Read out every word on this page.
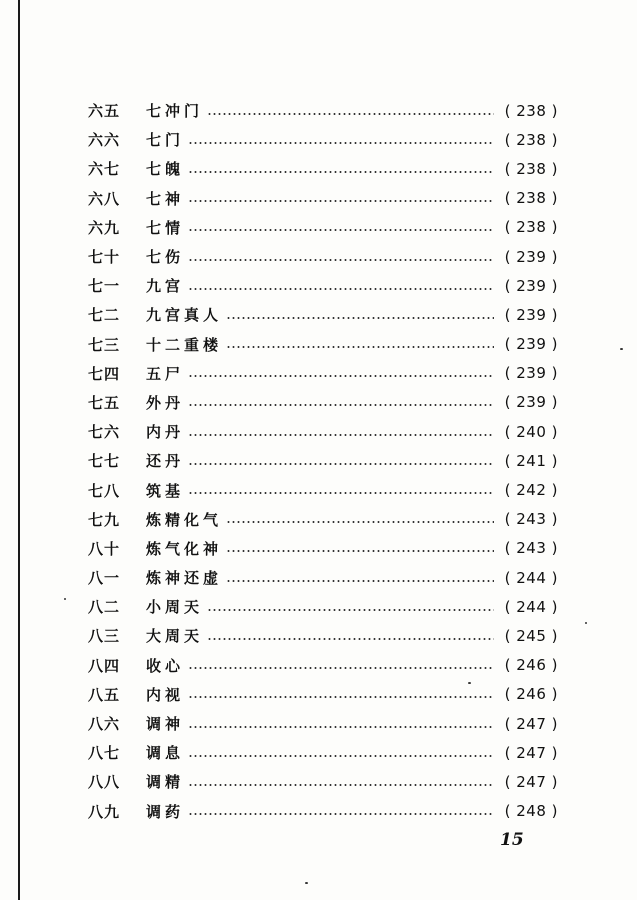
六五	七冲门	( 238 )
六六	七门	( 238 )
六七	七魄	( 238 )
六八	七神	( 238 )
六九	七情	( 238 )
七十	七伤	( 239 )
七一	九宫	( 239 )
七二	九宫真人	( 239 )
七三	十二重楼	( 239 )
七四	五尸	( 239 )
七五	外丹	( 239 )
七六	内丹	( 240 )
七七	还丹	( 241 )
七八	筑基	( 242 )
七九	炼精化气	( 243 )
八十	炼气化神	( 243 )
八一	炼神还虚	( 244 )
八二	小周天	( 244 )
八三	大周天	( 245 )
八四	收心	( 246 )
八五	内视	( 246 )
八六	调神	( 247 )
八七	调息	( 247 )
八八	调精	( 247 )
八九	调药	( 248 )
15
